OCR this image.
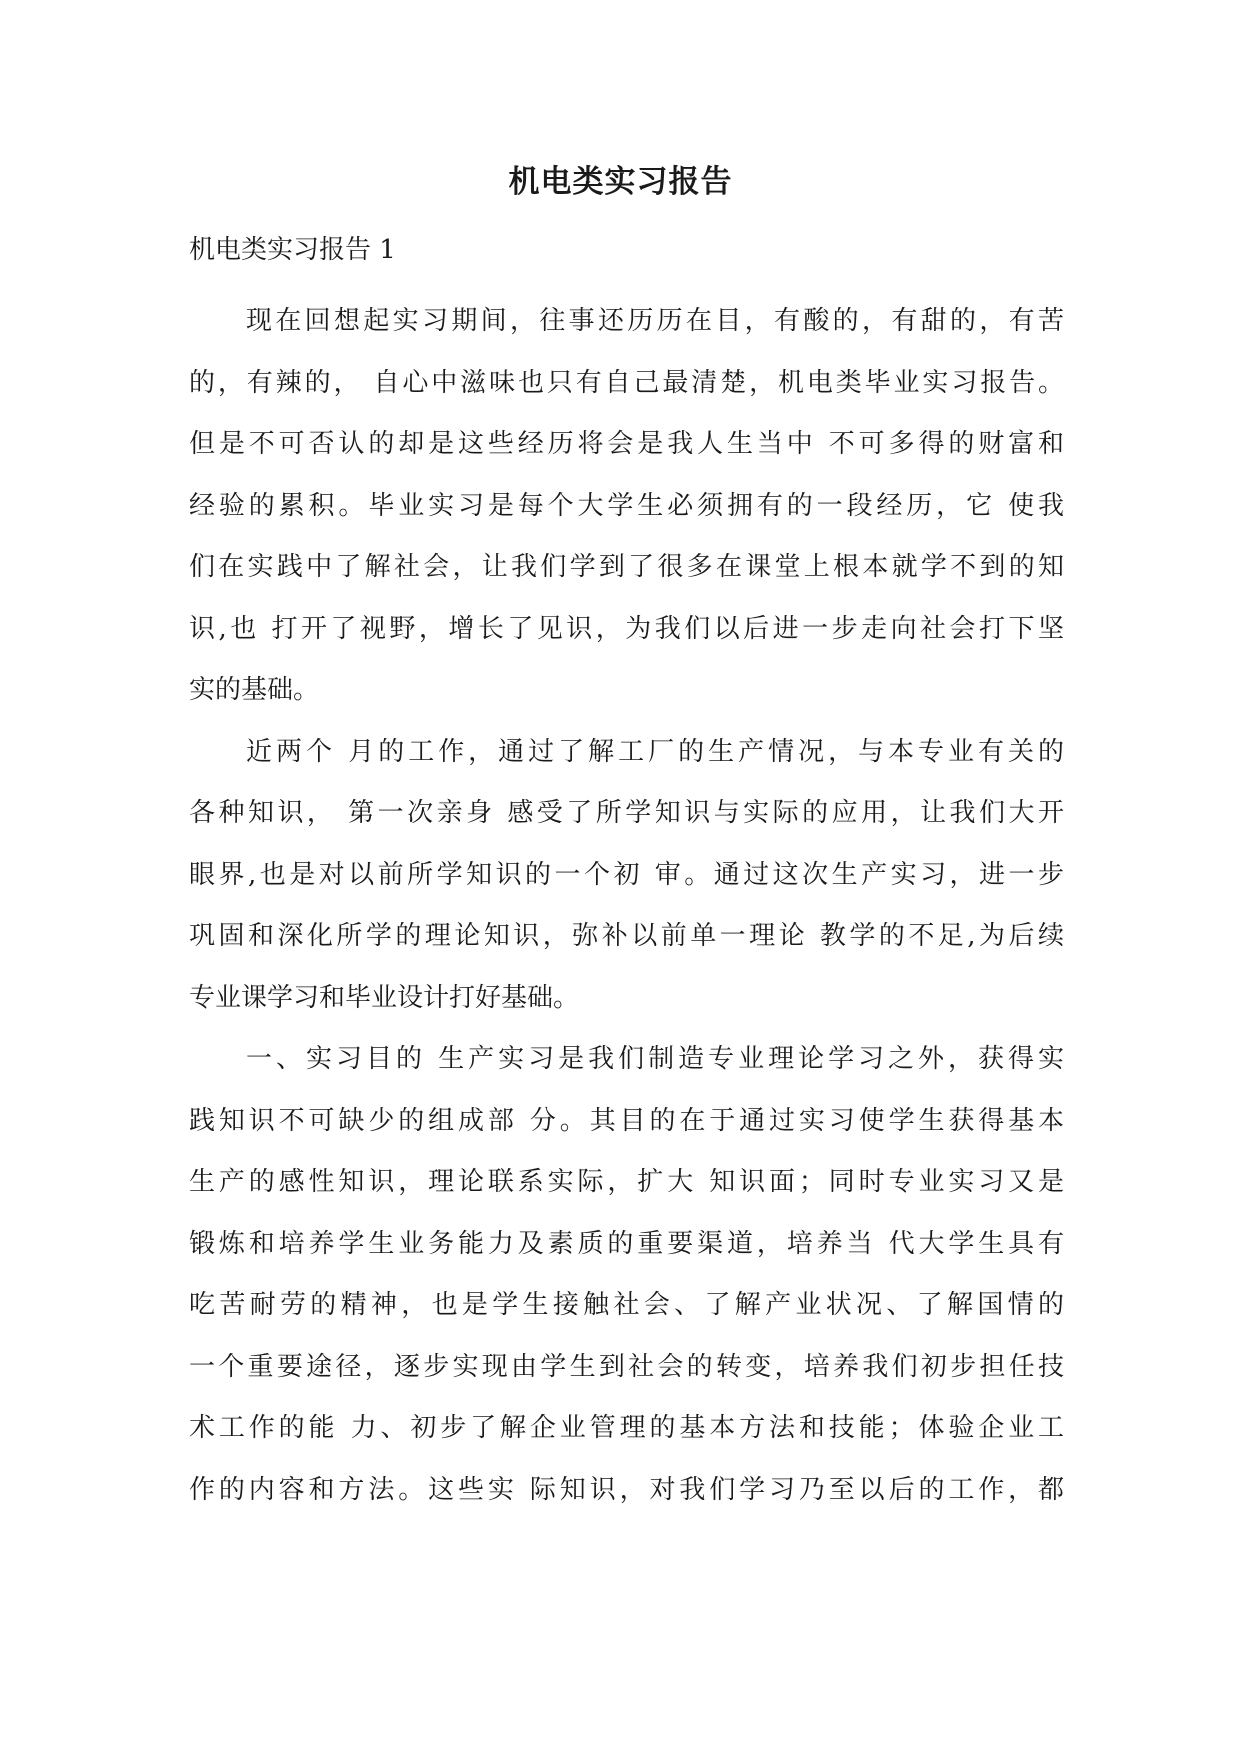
机电类实习报告
机电类实习报告 1
现在回想起实习期间，往事还历历在目，有酸的，有甜的，有苦
的，有辣的， 自心中滋味也只有自己最清楚，机电类毕业实习报告。
但是不可否认的却是这些经历将会是我人生当中 不可多得的财富和
经验的累积。毕业实习是每个大学生必须拥有的一段经历，它 使我
们在实践中了解社会，让我们学到了很多在课堂上根本就学不到的知
识,也 打开了视野，增长了见识，为我们以后进一步走向社会打下坚
实的基础。
近两个 月的工作，通过了解工厂的生产情况，与本专业有关的
各种知识， 第一次亲身 感受了所学知识与实际的应用，让我们大开
眼界,也是对以前所学知识的一个初 审。通过这次生产实习，进一步
巩固和深化所学的理论知识，弥补以前单一理论 教学的不足,为后续
专业课学习和毕业设计打好基础。
一、实习目的 生产实习是我们制造专业理论学习之外，获得实
践知识不可缺少的组成部 分。其目的在于通过实习使学生获得基本
生产的感性知识，理论联系实际，扩大 知识面；同时专业实习又是
锻炼和培养学生业务能力及素质的重要渠道，培养当 代大学生具有
吃苦耐劳的精神，也是学生接触社会、了解产业状况、了解国情的
一个重要途径，逐步实现由学生到社会的转变，培养我们初步担任技
术工作的能 力、初步了解企业管理的基本方法和技能；体验企业工
作的内容和方法。这些实 际知识，对我们学习乃至以后的工作，都
